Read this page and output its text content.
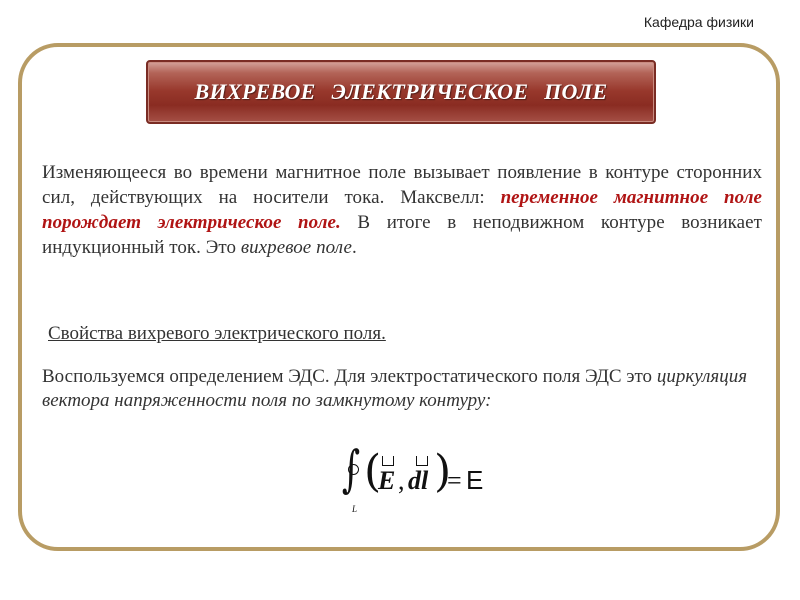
Кафедра физики
ВИХРЕВОЕ ЭЛЕКТРИЧЕСКОЕ ПОЛЕ
Изменяющееся во времени магнитное поле вызывает появление в контуре сторонних сил, действующих на носители тока. Максвелл: переменное магнитное поле порождает электрическое поле. В итоге в неподвижном контуре возникает индукционный ток. Это вихревое поле.
Свойства вихревого электрического поля.
Воспользуемся определением ЭДС. Для электростатического поля ЭДС это циркуляция вектора напряженности поля по замкнутому контуру:
∫
L
(
E , dl )
= E
